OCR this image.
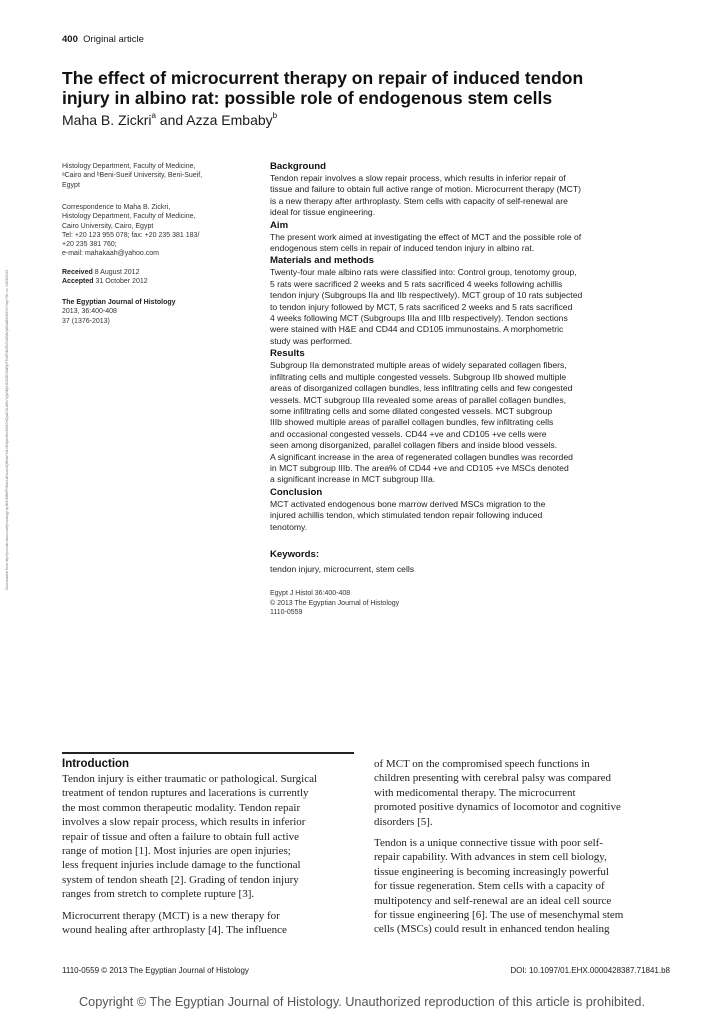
400 Original article
The effect of microcurrent therapy on repair of induced tendon
injury in albino rat: possible role of endogenous stem cells
Maha B. Zickri$^a$ and Azza Embaby$^b$
Histology Department, Faculty of Medicine,
ᵃCairo and ᵇBeni-Sueif University, Beni-Sueif,
Egypt
Correspondence to Maha B. Zickri,
Histology Department, Faculty of Medicine,
Cairo University, Cairo, Egypt
Tel: +20 123 955 078; fax: +20 235 381 183/
+20 235 381 760;
e-mail: mahakaah@yahoo.com
Received 8 August 2012
Accepted 31 October 2012
The Egyptian Journal of Histology
2013, 36:400-408
37 (1376-2013)
Downloaded from http://journals.lww.com/ejhistology by BhDMf5ePHKav1zEoum1tQfN4a+kJLhEZgbsIHo4XMi0hCywCX1AWnYQp/IlQrHD3i3D0OdRyi7TvSFl4Cf3VC4/OAVpDDa8KKGKV0Ymy+78= on 04/29/2023
Background

Tendon repair involves a slow repair process, which results in inferior repair of
tissue and failure to obtain full active range of motion. Microcurrent therapy (MCT)
is a new therapy after arthroplasty. Stem cells with capacity of self-renewal are
ideal for tissue engineering.

Aim

The present work aimed at investigating the effect of MCT and the possible role of
endogenous stem cells in repair of induced tendon injury in albino rat.

Materials and methods

Twenty-four male albino rats were classified into: Control group, tenotomy group,
5 rats were sacrificed 2 weeks and 5 rats sacrificed 4 weeks following achillis
tendon injury (Subgroups IIa and IIb respectively). MCT group of 10 rats subjected
to tendon injury followed by MCT, 5 rats sacrificed 2 weeks and 5 rats sacrificed
4 weeks following MCT (Subgroups IIIa and IIIb respectively). Tendon sections
were stained with H&E and CD44 and CD105 immunostains. A morphometric
study was performed.

Results

Subgroup IIa demonstrated multiple areas of widely separated collagen fibers,
infiltrating cells and multiple congested vessels. Subgroup IIb showed multiple
areas of disorganized collagen bundles, less infiltrating cells and few congested
vessels. MCT subgroup IIIa revealed some areas of parallel collagen bundles,
some infiltrating cells and some dilated congested vessels. MCT subgroup
IIIb showed multiple areas of parallel collagen bundles, few infiltrating cells
and occasional congested vessels. CD44 +ve and CD105 +ve cells were
seen among disorganized, parallel collagen fibers and inside blood vessels.
A significant increase in the area of regenerated collagen bundles was recorded
in MCT subgroup IIIb. The area% of CD44 +ve and CD105 +ve MSCs denoted
a significant increase in MCT subgroup IIIa.

Conclusion

MCT activated endogenous bone marrow derived MSCs migration to the
injured achillis tendon, which stimulated tendon repair following induced
tenotomy.

Keywords:

tendon injury, microcurrent, stem cells

Egypt J Histol 36:400-408
© 2013 The Egyptian Journal of Histology
1110-0559
Introduction

Tendon injury is either traumatic or pathological. Surgical
treatment of tendon ruptures and lacerations is currently
the most common therapeutic modality. Tendon repair
involves a slow repair process, which results in inferior
repair of tissue and often a failure to obtain full active
range of motion [1]. Most injuries are open injuries;
less frequent injuries include damage to the functional
system of tendon sheath [2]. Grading of tendon injury
ranges from stretch to complete rupture [3].

Microcurrent therapy (MCT) is a new therapy for
wound healing after arthroplasty [4]. The influence

of MCT on the compromised speech functions in
children presenting with cerebral palsy was compared
with medicomental therapy. The microcurrent
promoted positive dynamics of locomotor and cognitive
disorders [5].

Tendon is a unique connective tissue with poor self-
repair capability. With advances in stem cell biology,
tissue engineering is becoming increasingly powerful
for tissue regeneration. Stem cells with a capacity of
multipotency and self-renewal are an ideal cell source
for tissue engineering [6]. The use of mesenchymal stem
cells (MSCs) could result in enhanced tendon healing

1110-0559 © 2013 The Egyptian Journal of Histology	DOI: 10.1097/01.EHX.0000428387.71841.b8
Copyright © The Egyptian Journal of Histology. Unauthorized reproduction of this article is prohibited.
